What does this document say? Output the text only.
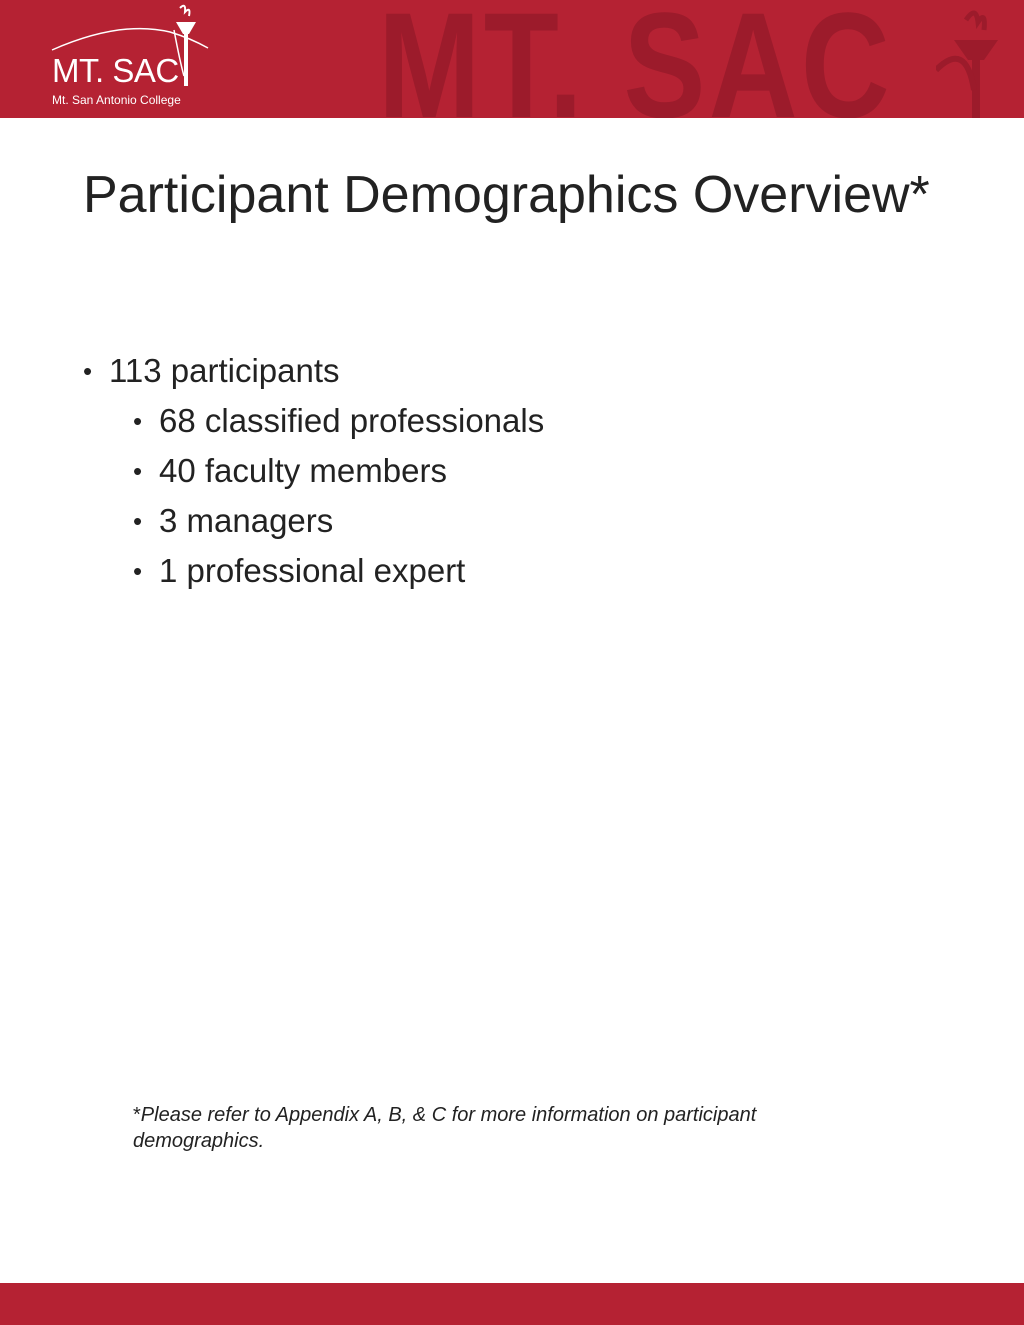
MT. SAC
MT. SAC
Mt. San Antonio College
Participant Demographics Overview*
• 113 participants
• 68 classified professionals
• 40 faculty members
• 3 managers
• 1 professional expert

*Please refer to Appendix A, B, & C for more information on participant demographics.
